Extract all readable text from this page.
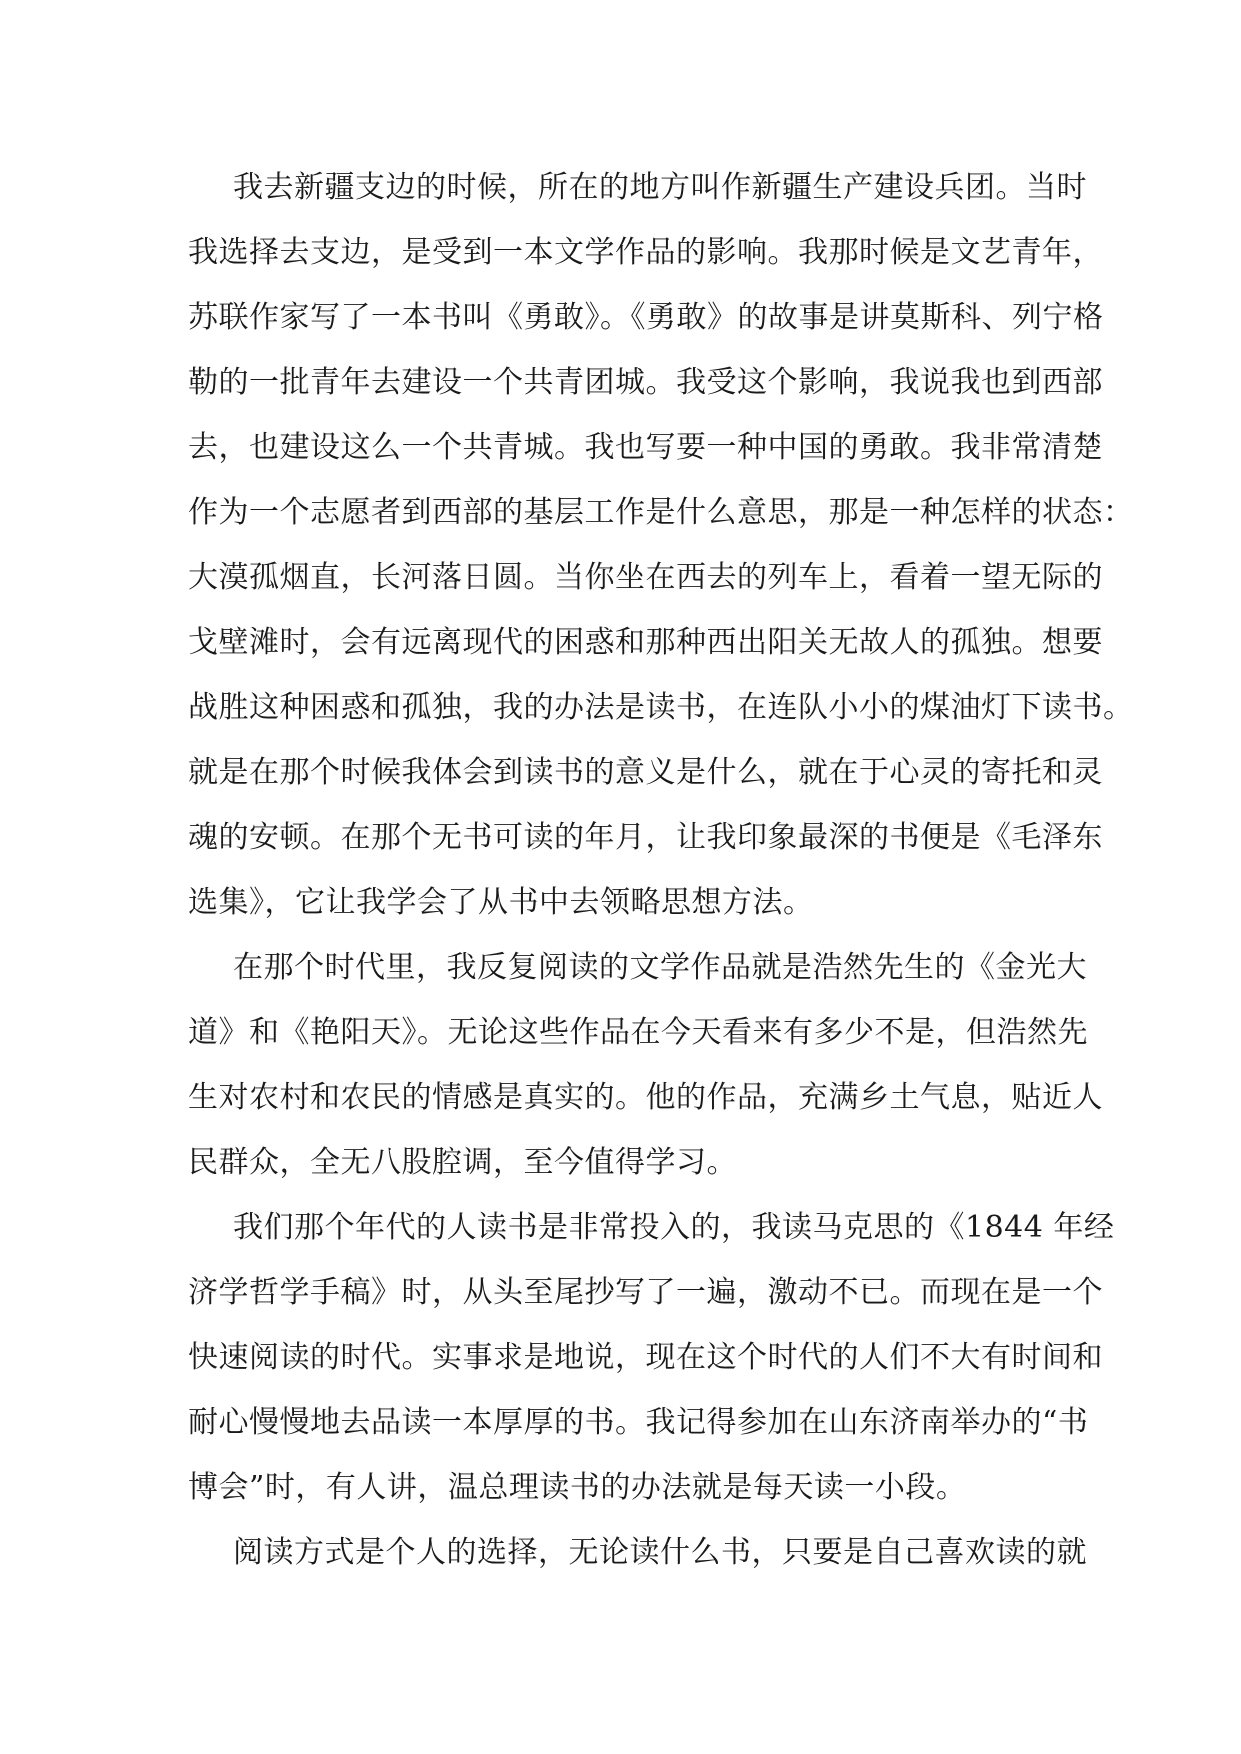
我去新疆支边的时候，所在的地方叫作新疆生产建设兵团。当时
我选择去支边，是受到一本文学作品的影响。我那时候是文艺青年，
苏联作家写了一本书叫《勇敢》。《勇敢》的故事是讲莫斯科、列宁格
勒的一批青年去建设一个共青团城。我受这个影响，我说我也到西部
去，也建设这么一个共青城。我也写要一种中国的勇敢。我非常清楚
作为一个志愿者到西部的基层工作是什么意思，那是一种怎样的状态：
大漠孤烟直，长河落日圆。当你坐在西去的列车上，看着一望无际的
戈壁滩时，会有远离现代的困惑和那种西出阳关无故人的孤独。想要
战胜这种困惑和孤独，我的办法是读书，在连队小小的煤油灯下读书。
就是在那个时候我体会到读书的意义是什么，就在于心灵的寄托和灵
魂的安顿。在那个无书可读的年月，让我印象最深的书便是《毛泽东
选集》，它让我学会了从书中去领略思想方法。
在那个时代里，我反复阅读的文学作品就是浩然先生的《金光大
道》和《艳阳天》。无论这些作品在今天看来有多少不是，但浩然先
生对农村和农民的情感是真实的。他的作品，充满乡土气息，贴近人
民群众，全无八股腔调，至今值得学习。
我们那个年代的人读书是非常投入的，我读马克思的《1844 年经
济学哲学手稿》时，从头至尾抄写了一遍，激动不已。而现在是一个
快速阅读的时代。实事求是地说，现在这个时代的人们不大有时间和
耐心慢慢地去品读一本厚厚的书。我记得参加在山东济南举办的“书
博会”时，有人讲，温总理读书的办法就是每天读一小段。
阅读方式是个人的选择，无论读什么书，只要是自己喜欢读的就
